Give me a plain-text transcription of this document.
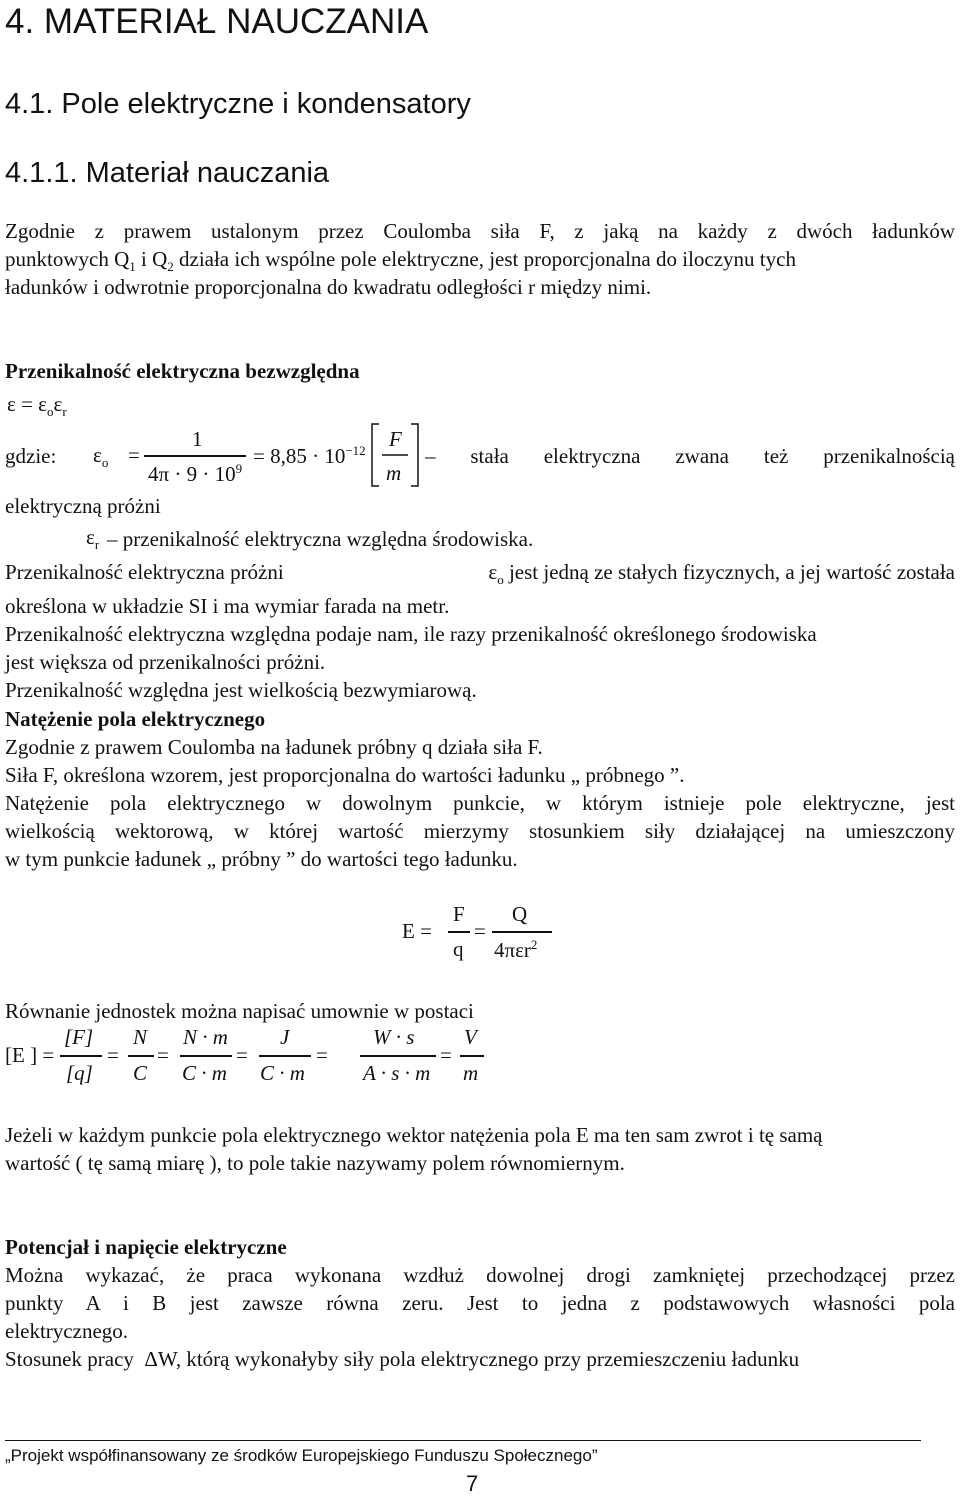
4. MATERIAŁ NAUCZANIA
4.1. Pole elektryczne i kondensatory
4.1.1. Materiał nauczania
Zgodnie z prawem ustalonym przez Coulomba siła F, z jaką na każdy z dwóch ładunków
punktowych $Q_1$ i $Q_2$ działa ich wspólne pole elektryczne, jest proporcjonalna do iloczynu tych
ładunków i odwrotnie proporcjonalna do kwadratu odległości r między nimi.
Przenikalność elektryczna bezwzględna
$\varepsilon = \varepsilon_o\varepsilon_r$
gdzie: $\varepsilon_o$ =
1
$4\pi \cdot 9 \cdot 10^9$
= $8,85 \cdot 10^{-12}$ F
m
– stała elektryczna zwana też przenikalnością
elektryczną próżni
$\varepsilon_r$ – przenikalność elektryczna względna środowiska.
Przenikalność elektryczna próżni	$\varepsilon_o$ jest jedną ze stałych fizycznych, a jej wartość została
określona w układzie SI i ma wymiar farada na metr.
Przenikalność elektryczna względna podaje nam, ile razy przenikalność określonego środowiska
jest większa od przenikalności próżni.
Przenikalność względna jest wielkością bezwymiarową.
Natężenie pola elektrycznego
Zgodnie z prawem Coulomba na ładunek próbny q działa siła F.
Siła F, określona wzorem, jest proporcjonalna do wartości ładunku „ próbnego ”.
Natężenie pola elektrycznego w dowolnym punkcie, w którym istnieje pole elektryczne, jest
wielkością wektorową, w której wartość mierzymy stosunkiem siły działającej na umieszczony
w tym punkcie ładunek „ próbny ” do wartości tego ładunku.
E =
F
q
=
Q
4πεr$^2$
Równanie jednostek można napisać umownie w postaci
[E ] =
[F]
[q]
=
N
C
=
N · m
C · m
=
J
C · m
=
W · s
A · s · m
=
V
m
Jeżeli w każdym punkcie pola elektrycznego wektor natężenia pola E ma ten sam zwrot i tę samą
wartość ( tę samą miarę ), to pole takie nazywamy polem równomiernym.
Potencjał i napięcie elektryczne
Można wykazać, że praca wykonana wzdłuż dowolnej drogi zamkniętej przechodzącej przez
punkty A i B jest zawsze równa zeru. Jest to jedna z podstawowych własności pola
elektrycznego.
Stosunek pracy ΔW, którą wykonałyby siły pola elektrycznego przy przemieszczeniu ładunku
„Projekt współfinansowany ze środków Europejskiego Funduszu Społecznego”
7
